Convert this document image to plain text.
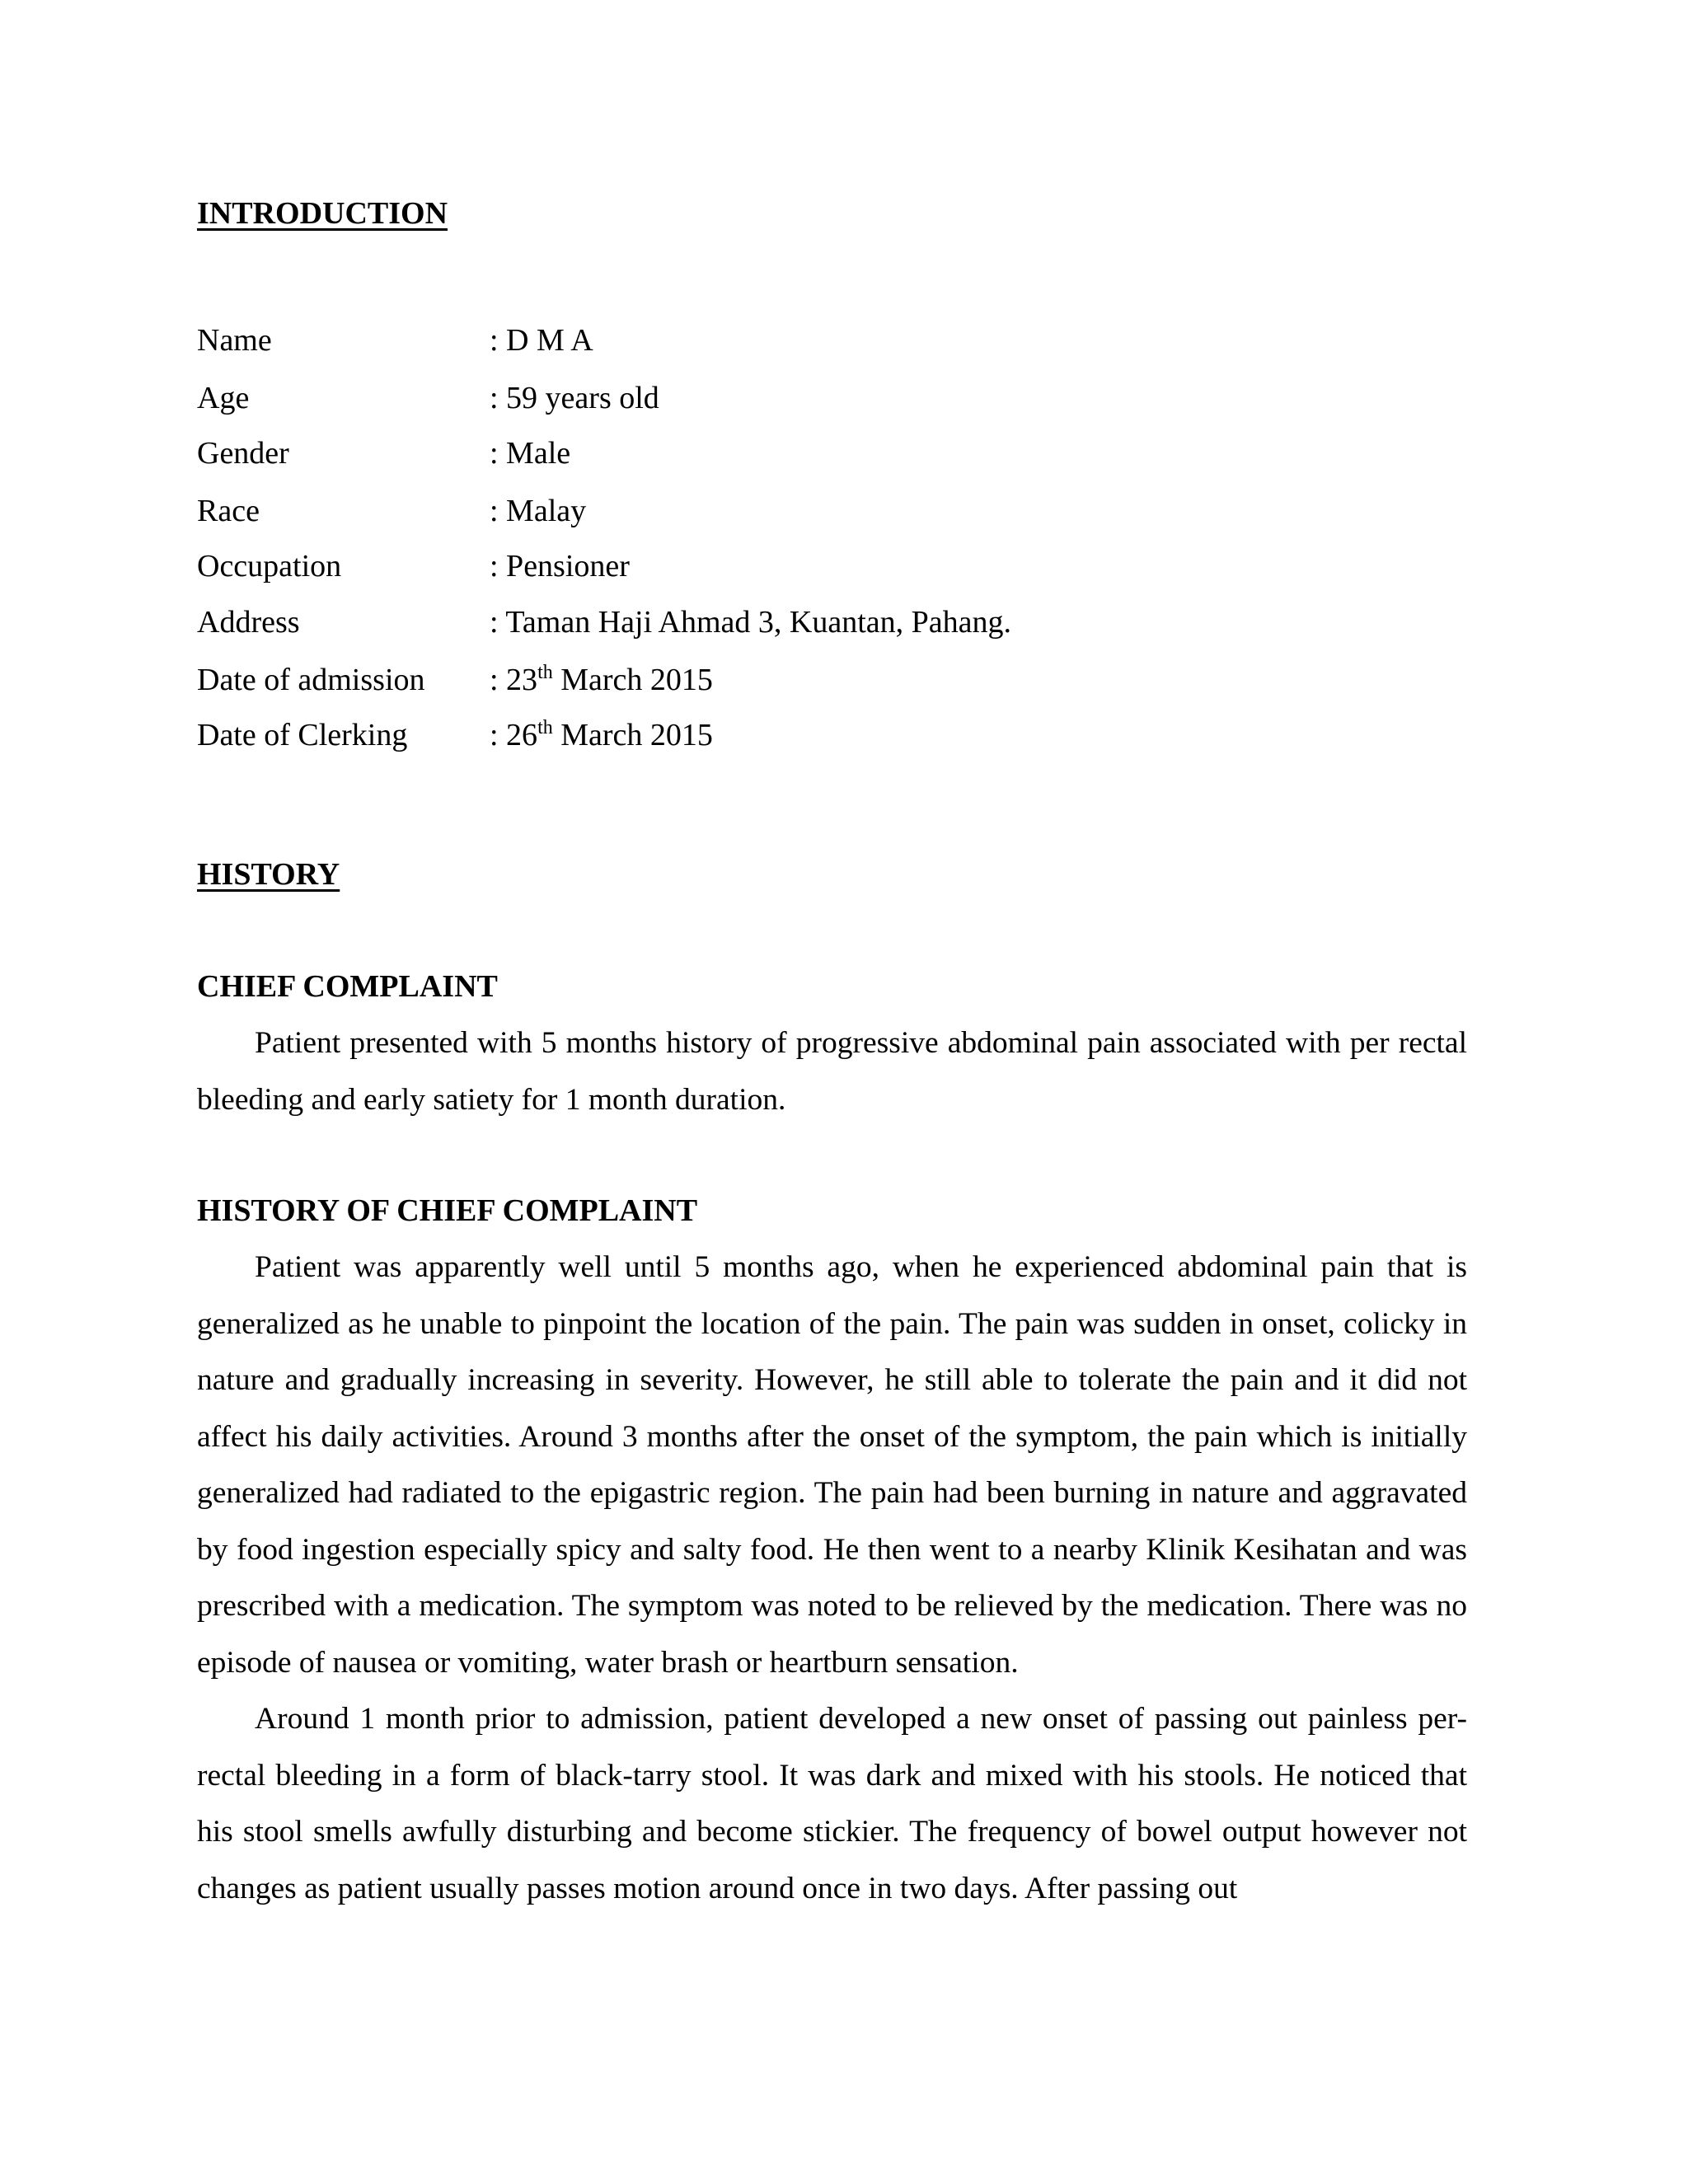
INTRODUCTION
Name	: D M A
Age	: 59 years old
Gender	: Male
Race	: Malay
Occupation	: Pensioner
Address	: Taman Haji Ahmad 3, Kuantan, Pahang.
Date of admission : 23th March 2015
Date of Clerking	: 26th March 2015
HISTORY
CHIEF COMPLAINT

Patient presented with 5 months history of progressive abdominal pain associated with per rectal bleeding and early satiety for 1 month duration.

HISTORY OF CHIEF COMPLAINT

Patient was apparently well until 5 months ago, when he experienced abdominal pain that is generalized as he unable to pinpoint the location of the pain. The pain was sudden in onset, colicky in nature and gradually increasing in severity. However, he still able to tolerate the pain and it did not affect his daily activities. Around 3 months after the onset of the symptom, the pain which is initially generalized had radiated to the epigastric region. The pain had been burning in nature and aggravated by food ingestion especially spicy and salty food. He then went to a nearby Klinik Kesihatan and was prescribed with a medication. The symptom was noted to be relieved by the medication. There was no episode of nausea or vomiting, water brash or heartburn sensation.

Around 1 month prior to admission, patient developed a new onset of passing out painless per-rectal bleeding in a form of black-tarry stool. It was dark and mixed with his stools. He noticed that his stool smells awfully disturbing and become stickier. The frequency of bowel output however not changes as patient usually passes motion around once in two days. After passing out
